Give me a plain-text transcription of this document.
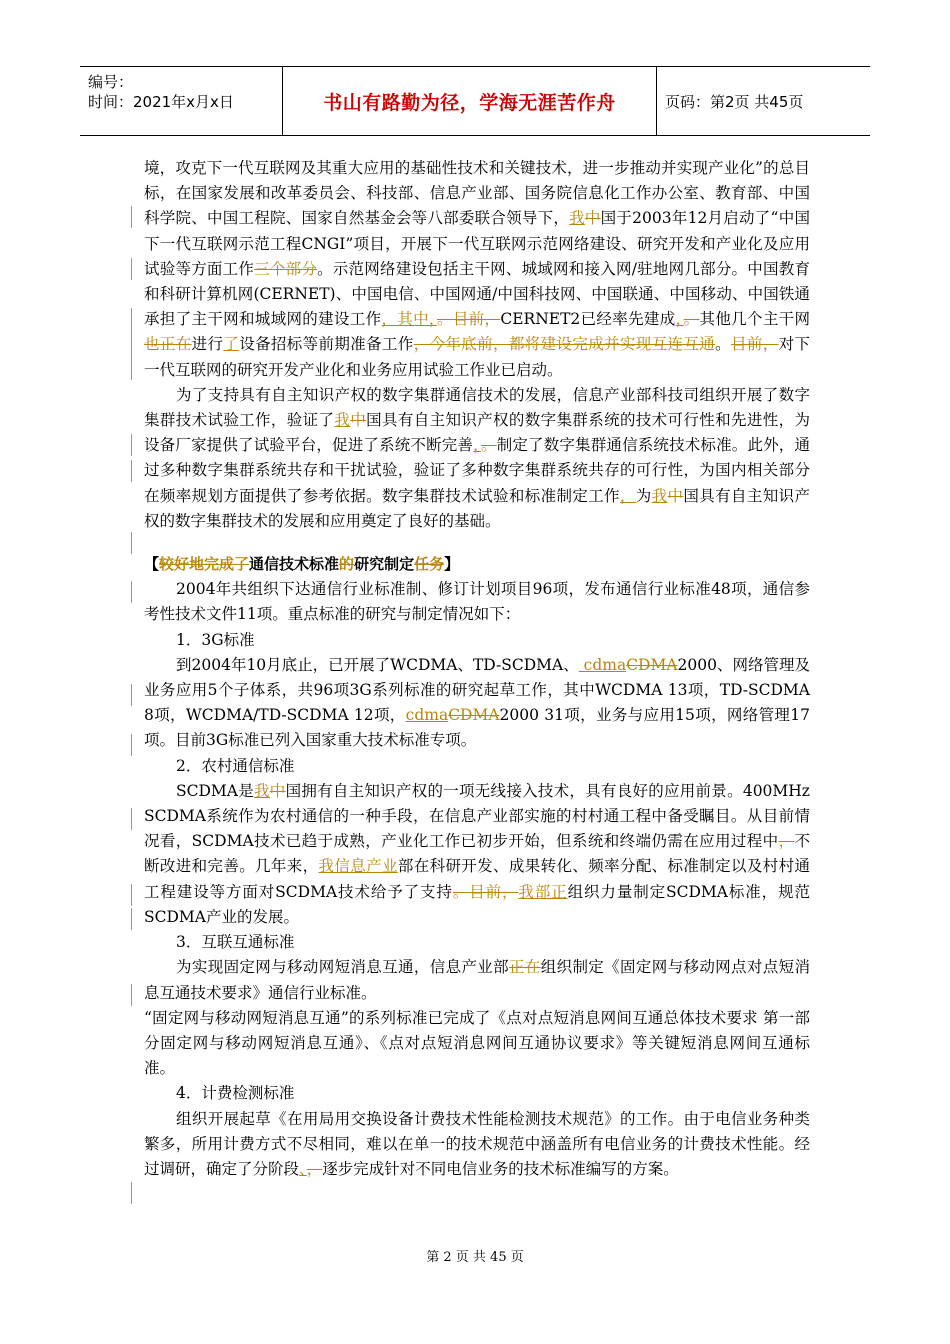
编号：
时间：2021年x月x日	书山有路勤为径，学海无涯苦作舟	页码：第2页 共45页

境，攻克下一代互联网及其重大应用的基础性技术和关键技术，进一步推动并实现产业化”的总目标，在国家发展和改革委员会、科技部、信息产业部、国务院信息化工作办公室、教育部、中国科学院、中国工程院、国家自然基金会等八部委联合领导下，我中国于2003年12月启动了“中国下一代互联网示范工程CNGI”项目，开展下一代互联网示范网络建设、研究开发和产业化及应用试验等方面工作三个部分。示范网络建设包括主干网、城域网和接入网/驻地网几部分。中国教育和科研计算机网(CERNET)、中国电信、中国网通/中国科技网、中国联通、中国移动、中国铁通承担了主干网和城域网的建设工作，其中，。目前，CERNET2已经率先建成，。其他几个主干网也正在进行了设备招标等前期准备工作，今年底前，都将建设完成并实现互连互通。目前，对下一代互联网的研究开发产业化和业务应用试验工作业已启动。

为了支持具有自主知识产权的数字集群通信技术的发展，信息产业部科技司组织开展了数字集群技术试验工作，验证了我中国具有自主知识产权的数字集群系统的技术可行性和先进性，为设备厂家提供了试验平台，促进了系统不断完善，。制定了数字集群通信系统技术标准。此外，通过多种数字集群系统共存和干扰试验，验证了多种数字集群系统共存的可行性，为国内相关部分在频率规划方面提供了参考依据。数字集群技术试验和标准制定工作，为我中国具有自主知识产权的数字集群技术的发展和应用奠定了良好的基础。

【较好地完成了通信技术标准的研究制定任务】

2004年共组织下达通信行业标准制、修订计划项目96项，发布通信行业标准48项，通信参考性技术文件11项。重点标准的研究与制定情况如下：

1．3G标准

到2004年10月底止，已开展了WCDMA、TD-SCDMA、 cdmaCDMA2000、网络管理及业务应用5个子体系，共96项3G系列标准的研究起草工作，其中WCDMA 13项，TD-SCDMA 8项，WCDMA/TD-SCDMA 12项，cdmaCDMA2000 31项，业务与应用15项，网络管理17项。目前3G标准已列入国家重大技术标准专项。

2．农村通信标准

SCDMA是我中国拥有自主知识产权的一项无线接入技术，具有良好的应用前景。400MHz SCDMA系统作为农村通信的一种手段，在信息产业部实施的村村通工程中备受瞩目。从目前情况看，SCDMA技术已趋于成熟，产业化工作已初步开始，但系统和终端仍需在应用过程中，不断改进和完善。几年来，我信息产业部在科研开发、成果转化、频率分配、标准制定以及村村通工程建设等方面对SCDMA技术给予了支持。目前，我部正组织力量制定SCDMA标准，规范SCDMA产业的发展。

3．互联互通标准

为实现固定网与移动网短消息互通，信息产业部正在组织制定《固定网与移动网点对点短消息互通技术要求》通信行业标准。

“固定网与移动网短消息互通”的系列标准已完成了《点对点短消息网间互通总体技术要求 第一部分固定网与移动网短消息互通》、《点对点短消息网间互通协议要求》等关键短消息网间互通标准。

4．计费检测标准

组织开展起草《在用局用交换设备计费技术性能检测技术规范》的工作。由于电信业务种类繁多，所用计费方式不尽相同，难以在单一的技术规范中涵盖所有电信业务的计费技术性能。经过调研，确定了分阶段、，逐步完成针对不同电信业务的技术标准编写的方案。

第 2 页 共 45 页
